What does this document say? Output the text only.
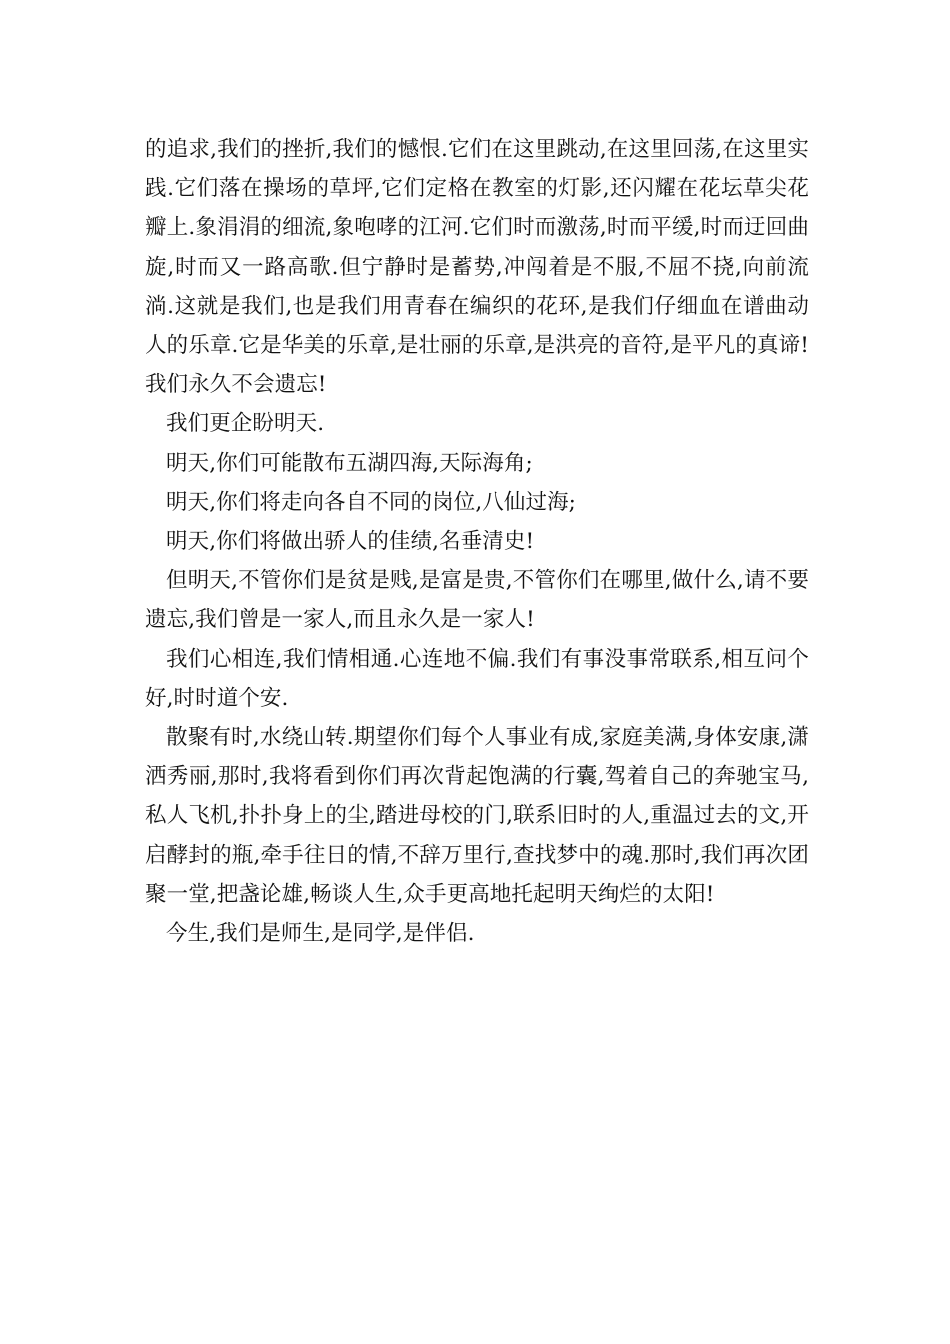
的追求,我们的挫折,我们的憾恨.它们在这里跳动,在这里回荡,在这里实践.它们落在操场的草坪,它们定格在教室的灯影,还闪耀在花坛草尖花瓣上.象涓涓的细流,象咆哮的江河.它们时而激荡,时而平缓,时而迂回曲旋,时而又一路高歌.但宁静时是蓄势,冲闯着是不服,不屈不挠,向前流淌.这就是我们,也是我们用青春在编织的花环,是我们仔细血在谱曲动人的乐章.它是华美的乐章,是壮丽的乐章,是洪亮的音符,是平凡的真谛!我们永久不会遗忘!

我们更企盼明天.

明天,你们可能散布五湖四海,天际海角;

明天,你们将走向各自不同的岗位,八仙过海;

明天,你们将做出骄人的佳绩,名垂清史!

但明天,不管你们是贫是贱,是富是贵,不管你们在哪里,做什么,请不要遗忘,我们曾是一家人,而且永久是一家人!

我们心相连,我们情相通.心连地不偏.我们有事没事常联系,相互问个好,时时道个安.

散聚有时,水绕山转.期望你们每个人事业有成,家庭美满,身体安康,潇洒秀丽,那时,我将看到你们再次背起饱满的行囊,驾着自己的奔驰宝马,私人飞机,扑扑身上的尘,踏进母校的门,联系旧时的人,重温过去的文,开启酵封的瓶,牵手往日的情,不辞万里行,查找梦中的魂.那时,我们再次团聚一堂,把盏论雄,畅谈人生,众手更高地托起明天绚烂的太阳!

今生,我们是师生,是同学,是伴侣.
